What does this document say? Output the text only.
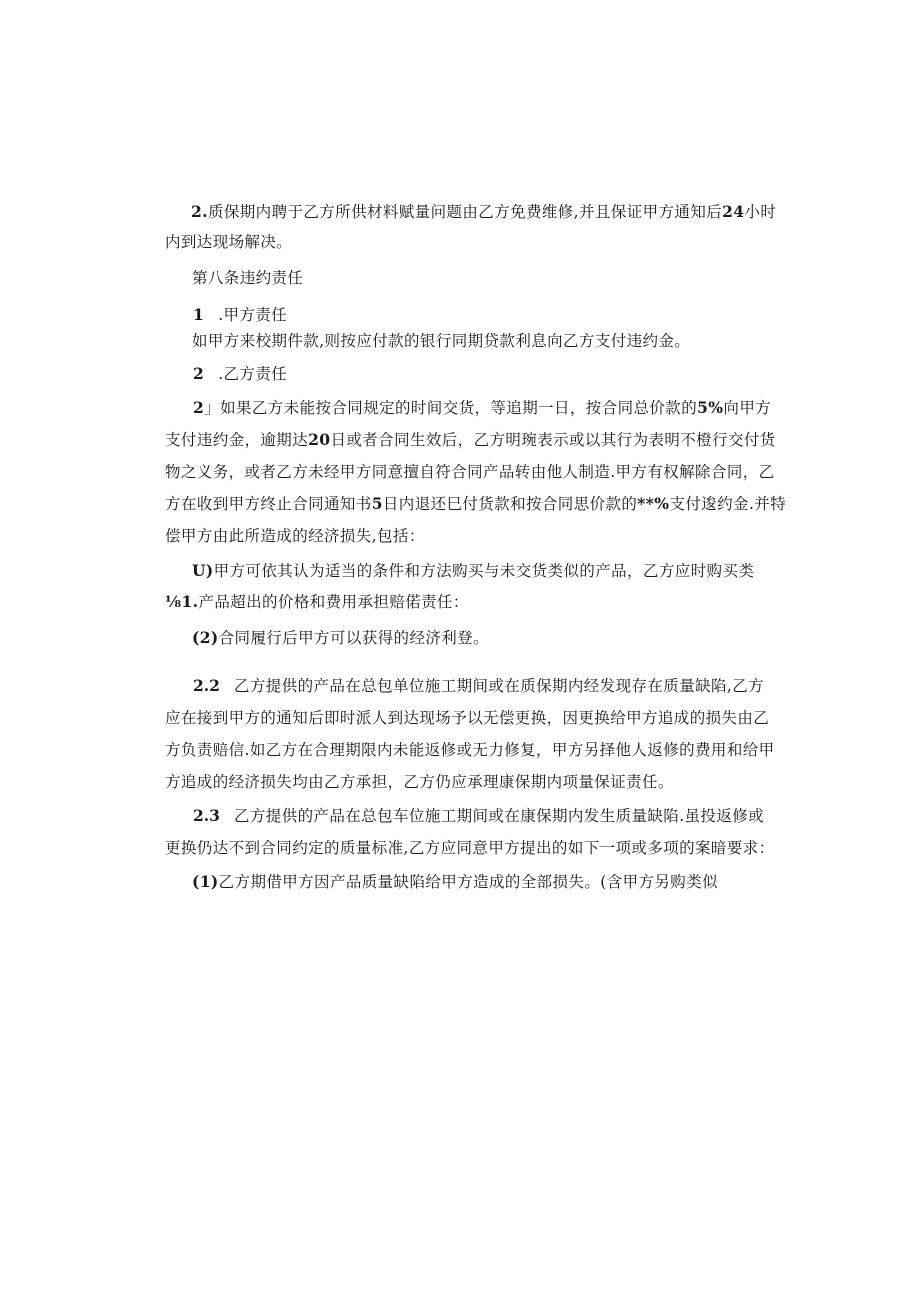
2.质保期内聘于乙方所供材料赋量问题由乙方免费维修,并且保证甲方通知后24小时
内到达现场解决。
第八条违约责任
1 .甲方责任
如甲方来校期件款,则按应付款的银行同期贷款利息向乙方支付违约金。
2 .乙方责任
2」如果乙方未能按合同规定的时间交货，等追期一日，按合同总价款的5%向甲方
支付违约金，逾期达20日或者合同生效后，乙方明琬表示或以其行为表明不橙行交付货
物之义务，或者乙方未经甲方同意擅自符合同产品转由他人制造.甲方有权解除合同，乙
方在收到甲方终止合同通知书5日内退还巳付货款和按合同思价款的**%支付逡约金.并特
偿甲方由此所造成的经济损失,包括：
U)甲方可依其认为适当的条件和方法购买与未交货类似的产品，乙方应时购买类
⅛1.产品超出的价格和费用承担赔偌责任：
(2)合同履行后甲方可以获得的经济利登。
2.2 乙方提供的产品在总包单位施工期间或在质保期内经发现存在质量缺陷,乙方
应在接到甲方的通知后即时派人到达现场予以无偿更换，因更换给甲方追成的损失由乙
方负责赔信.如乙方在合理期限内未能返修或无力修复，甲方另择他人返修的费用和给甲
方追成的经济损失均由乙方承担，乙方仍应承理康保期内项量保证责任。
2.3 乙方提供的产品在总包车位施工期间或在康保期内发生质量缺陷.虽投返修或
更换仍达不到合同约定的质量标准,乙方应同意甲方提出的如下一项或多项的案暗要求：
(1)乙方期借甲方因产品质量缺陷给甲方造成的全部损失。(含甲方另购类似
